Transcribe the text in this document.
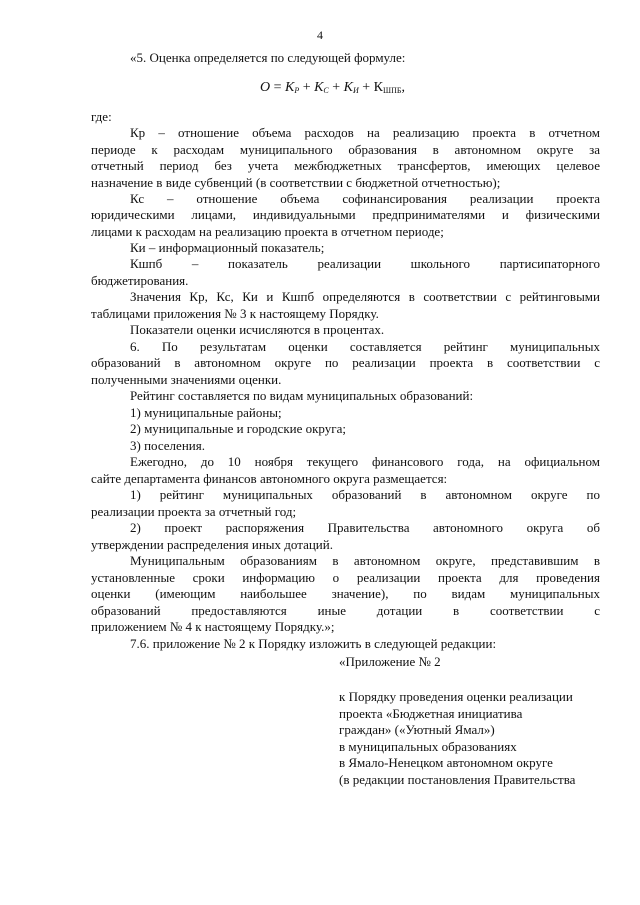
4

«5. Оценка определяется по следующей формуле:

$О = К_Р + К_С + К_И + К_{ШПБ}$,

где:

Кр – отношение объема расходов на реализацию проекта в отчетном

периоде к расходам муниципального образования в автономном округе за

отчетный период без учета межбюджетных трансфертов, имеющих целевое

назначение в виде субвенций (в соответствии с бюджетной отчетностью);

Кс – отношение объема софинансирования реализации проекта

юридическими лицами, индивидуальными предпринимателями и физическими

лицами к расходам на реализацию проекта в отчетном периоде;

Ки – информационный показатель;

Кшпб – показатель реализации школьного партисипаторного

бюджетирования.

Значения Кр, Кс, Ки и Кшпб определяются в соответствии с рейтинговыми

таблицами приложения № 3 к настоящему Порядку.

Показатели оценки исчисляются в процентах.

6. По результатам оценки составляется рейтинг муниципальных

образований в автономном округе по реализации проекта в соответствии с

полученными значениями оценки.

Рейтинг составляется по видам муниципальных образований:

1) муниципальные районы;

2) муниципальные и городские округа;

3) поселения.

Ежегодно, до 10 ноября текущего финансового года, на официальном

сайте департамента финансов автономного округа размещается:

1) рейтинг муниципальных образований в автономном округе по

реализации проекта за отчетный год;

2) проект распоряжения Правительства автономного округа об

утверждении распределения иных дотаций.

Муниципальным образованиям в автономном округе, представившим в

установленные сроки информацию о реализации проекта для проведения

оценки (имеющим наибольшее значение), по видам муниципальных

образований предоставляются иные дотации в соответствии с

приложением № 4 к настоящему Порядку.»;

7.6. приложение № 2 к Порядку изложить в следующей редакции:

«Приложение № 2

к Порядку проведения оценки реализации

проекта «Бюджетная инициатива

граждан» («Уютный Ямал»)

в муниципальных образованиях

в Ямало-Ненецком автономном округе

(в редакции постановления Правительства
